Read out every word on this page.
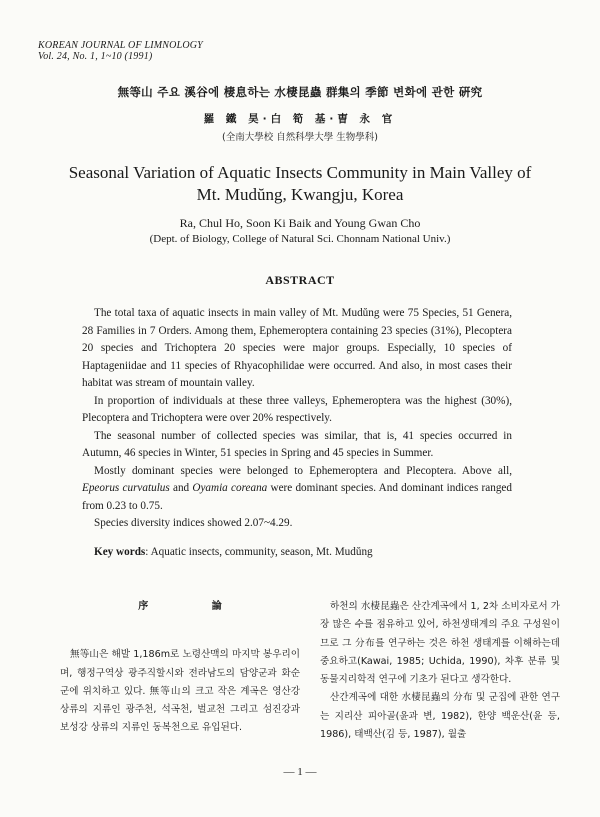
KOREAN JOURNAL OF LIMNOLOGY
Vol. 24, No. 1, 1~10 (1991)
無等山 주요 溪谷에 棲息하는 水棲昆蟲 群集의 季節 변화에 관한 硏究
羅 鐵 昊·白 筍 基·曺 永 官
(全南大學校 自然科學大學 生物學科)
Seasonal Variation of Aquatic Insects Community in Main Valley of
Mt. Mudŭng, Kwangju, Korea
Ra, Chul Ho, Soon Ki Baik and Young Gwan Cho
(Dept. of Biology, College of Natural Sci. Chonnam National Univ.)
ABSTRACT

The total taxa of aquatic insects in main valley of Mt. Mudŭng were 75 Species, 51 Genera, 28 Families in 7 Orders. Among them, Ephemeroptera containing 23 species (31%), Plecoptera 20 species and Trichoptera 20 species were major groups. Especially, 10 species of Haptageniidae and 11 species of Rhyacophilidae were occurred. And also, in most cases their habitat was stream of mountain valley.

In proportion of individuals at these three valleys, Ephemeroptera was the highest (30%), Plecoptera and Trichoptera were over 20% respectively.

The seasonal number of collected species was similar, that is, 41 species occurred in Autumn, 46 species in Winter, 51 species in Spring and 45 species in Summer.

Mostly dominant species were belonged to Ephemeroptera and Plecoptera. Above all, Epeorus curvatulus and Oyamia coreana were dominant species. And dominant indices ranged from 0.23 to 0.75.

Species diversity indices showed 2.07~4.29.

Key words: Aquatic insects, community, season, Mt. Mudŭng
序 論

無等山은 해발 1,186m로 노령산맥의 마지막 봉우리이며, 행정구역상 광주직할시와 전라남도의 담양군과 화순군에 위치하고 있다. 無等山의 크고 작은 계곡은 영산강 상류의 지류인 광주천, 석곡천, 벌교천 그리고 섬진강과 보성강 상류의 지류인 동복천으로 유입된다.

하천의 水棲昆蟲은 산간계곡에서 1, 2차 소비자로서 가장 많은 수를 점유하고 있어, 하천생태계의 주요 구성원이므로 그 分布를 연구하는 것은 하천 생태계를 이해하는데 중요하고(Kawai, 1985; Uchida, 1990), 차후 분류 및 동물지리학적 연구에 기초가 된다고 생각한다.

산간계곡에 대한 水棲昆蟲의 分布 및 군집에 관한 연구는 지리산 피아골(윤과 변, 1982), 한양 백운산(윤 등, 1986), 태백산(김 등, 1987), 월출

— 1 —
